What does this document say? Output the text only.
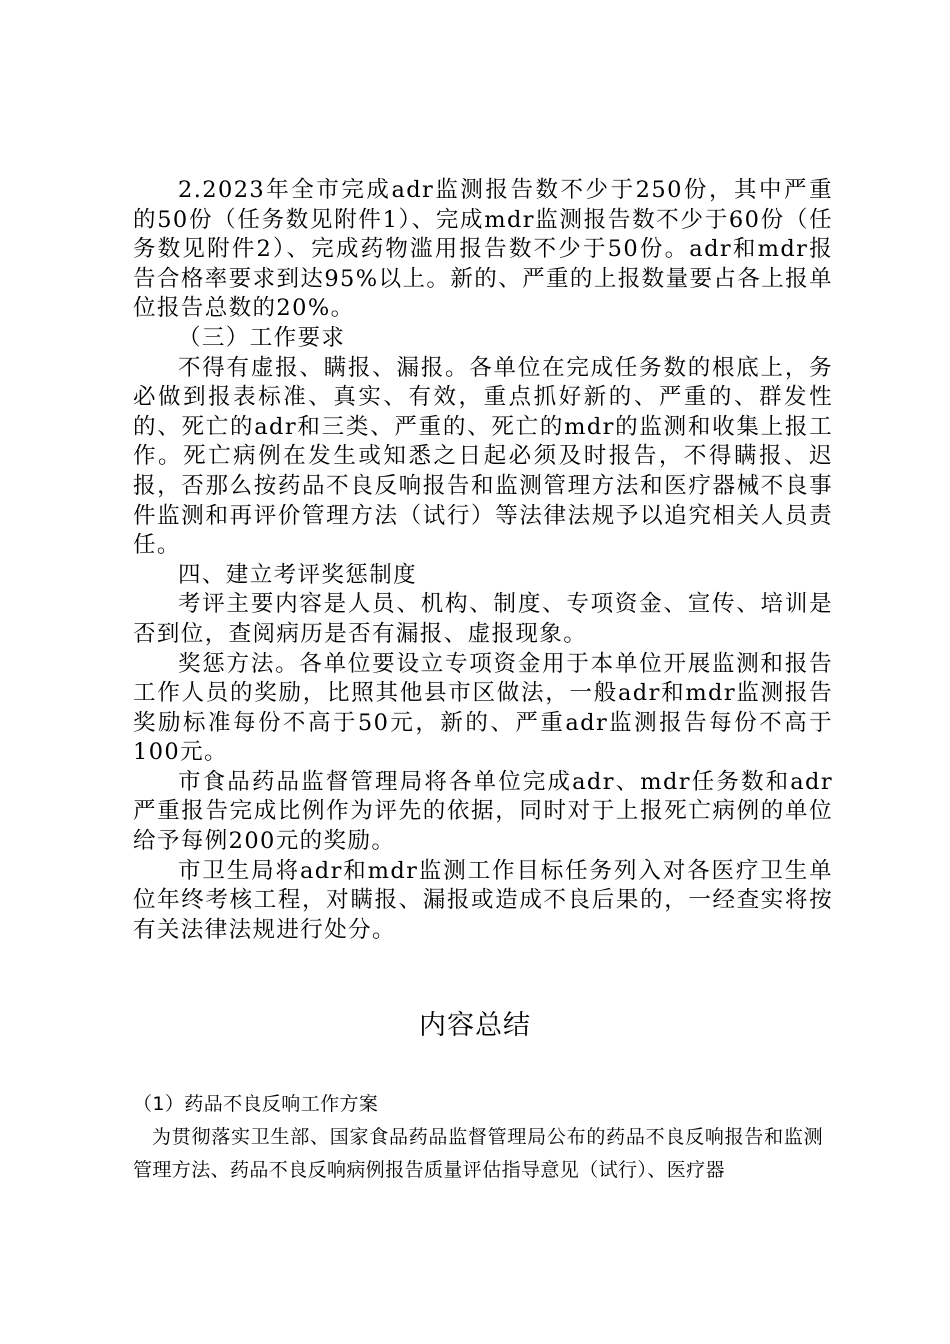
2.2023年全市完成adr监测报告数不少于250份，其中严重的50份（任务数见附件1）、完成mdr监测报告数不少于60份（任务数见附件2）、完成药物滥用报告数不少于50份。adr和mdr报告合格率要求到达95%以上。新的、严重的上报数量要占各上报单位报告总数的20%。

（三）工作要求

不得有虚报、瞒报、漏报。各单位在完成任务数的根底上，务必做到报表标准、真实、有效，重点抓好新的、严重的、群发性的、死亡的adr和三类、严重的、死亡的mdr的监测和收集上报工作。死亡病例在发生或知悉之日起必须及时报告，不得瞒报、迟报，否那么按药品不良反响报告和监测管理方法和医疗器械不良事件监测和再评价管理方法（试行）等法律法规予以追究相关人员责任。

四、建立考评奖惩制度

考评主要内容是人员、机构、制度、专项资金、宣传、培训是否到位，查阅病历是否有漏报、虚报现象。

奖惩方法。各单位要设立专项资金用于本单位开展监测和报告工作人员的奖励，比照其他县市区做法，一般adr和mdr监测报告奖励标准每份不高于50元，新的、严重adr监测报告每份不高于100元。

市食品药品监督管理局将各单位完成adr、mdr任务数和adr严重报告完成比例作为评先的依据，同时对于上报死亡病例的单位给予每例200元的奖励。

市卫生局将adr和mdr监测工作目标任务列入对各医疗卫生单位年终考核工程，对瞒报、漏报或造成不良后果的，一经查实将按有关法律法规进行处分。

内容总结

（1）药品不良反响工作方案

为贯彻落实卫生部、国家食品药品监督管理局公布的药品不良反响报告和监测管理方法、药品不良反响病例报告质量评估指导意见（试行）、医疗器
